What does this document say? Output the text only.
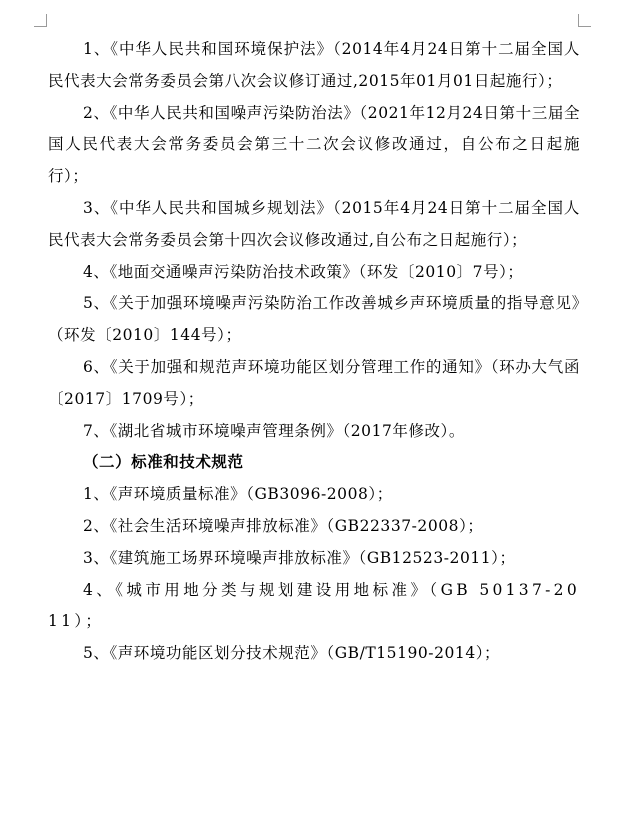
1、《中华人民共和国环境保护法》（2014年4月24日第十二届全国人民代表大会常务委员会第八次会议修订通过,2015年01月01日起施行）；

2、《中华人民共和国噪声污染防治法》（2021年12月24日第十三届全国人民代表大会常务委员会第三十二次会议修改通过，自公布之日起施行）；

3、《中华人民共和国城乡规划法》（2015年4月24日第十二届全国人民代表大会常务委员会第十四次会议修改通过,自公布之日起施行）；

4、《地面交通噪声污染防治技术政策》（环发〔2010〕7号）；

5、《关于加强环境噪声污染防治工作改善城乡声环境质量的指导意见》（环发〔2010〕144号）；

6、《关于加强和规范声环境功能区划分管理工作的通知》（环办大气函〔2017〕1709号）；

7、《湖北省城市环境噪声管理条例》（2017年修改）。

（二）标准和技术规范

1、《声环境质量标准》（GB3096-2008）；

2、《社会生活环境噪声排放标准》（GB22337-2008）；

3、《建筑施工场界环境噪声排放标准》（GB12523-2011）；

4、《城市用地分类与规划建设用地标准》（GB 50137-2011）；

5、《声环境功能区划分技术规范》（GB/T15190-2014）；
